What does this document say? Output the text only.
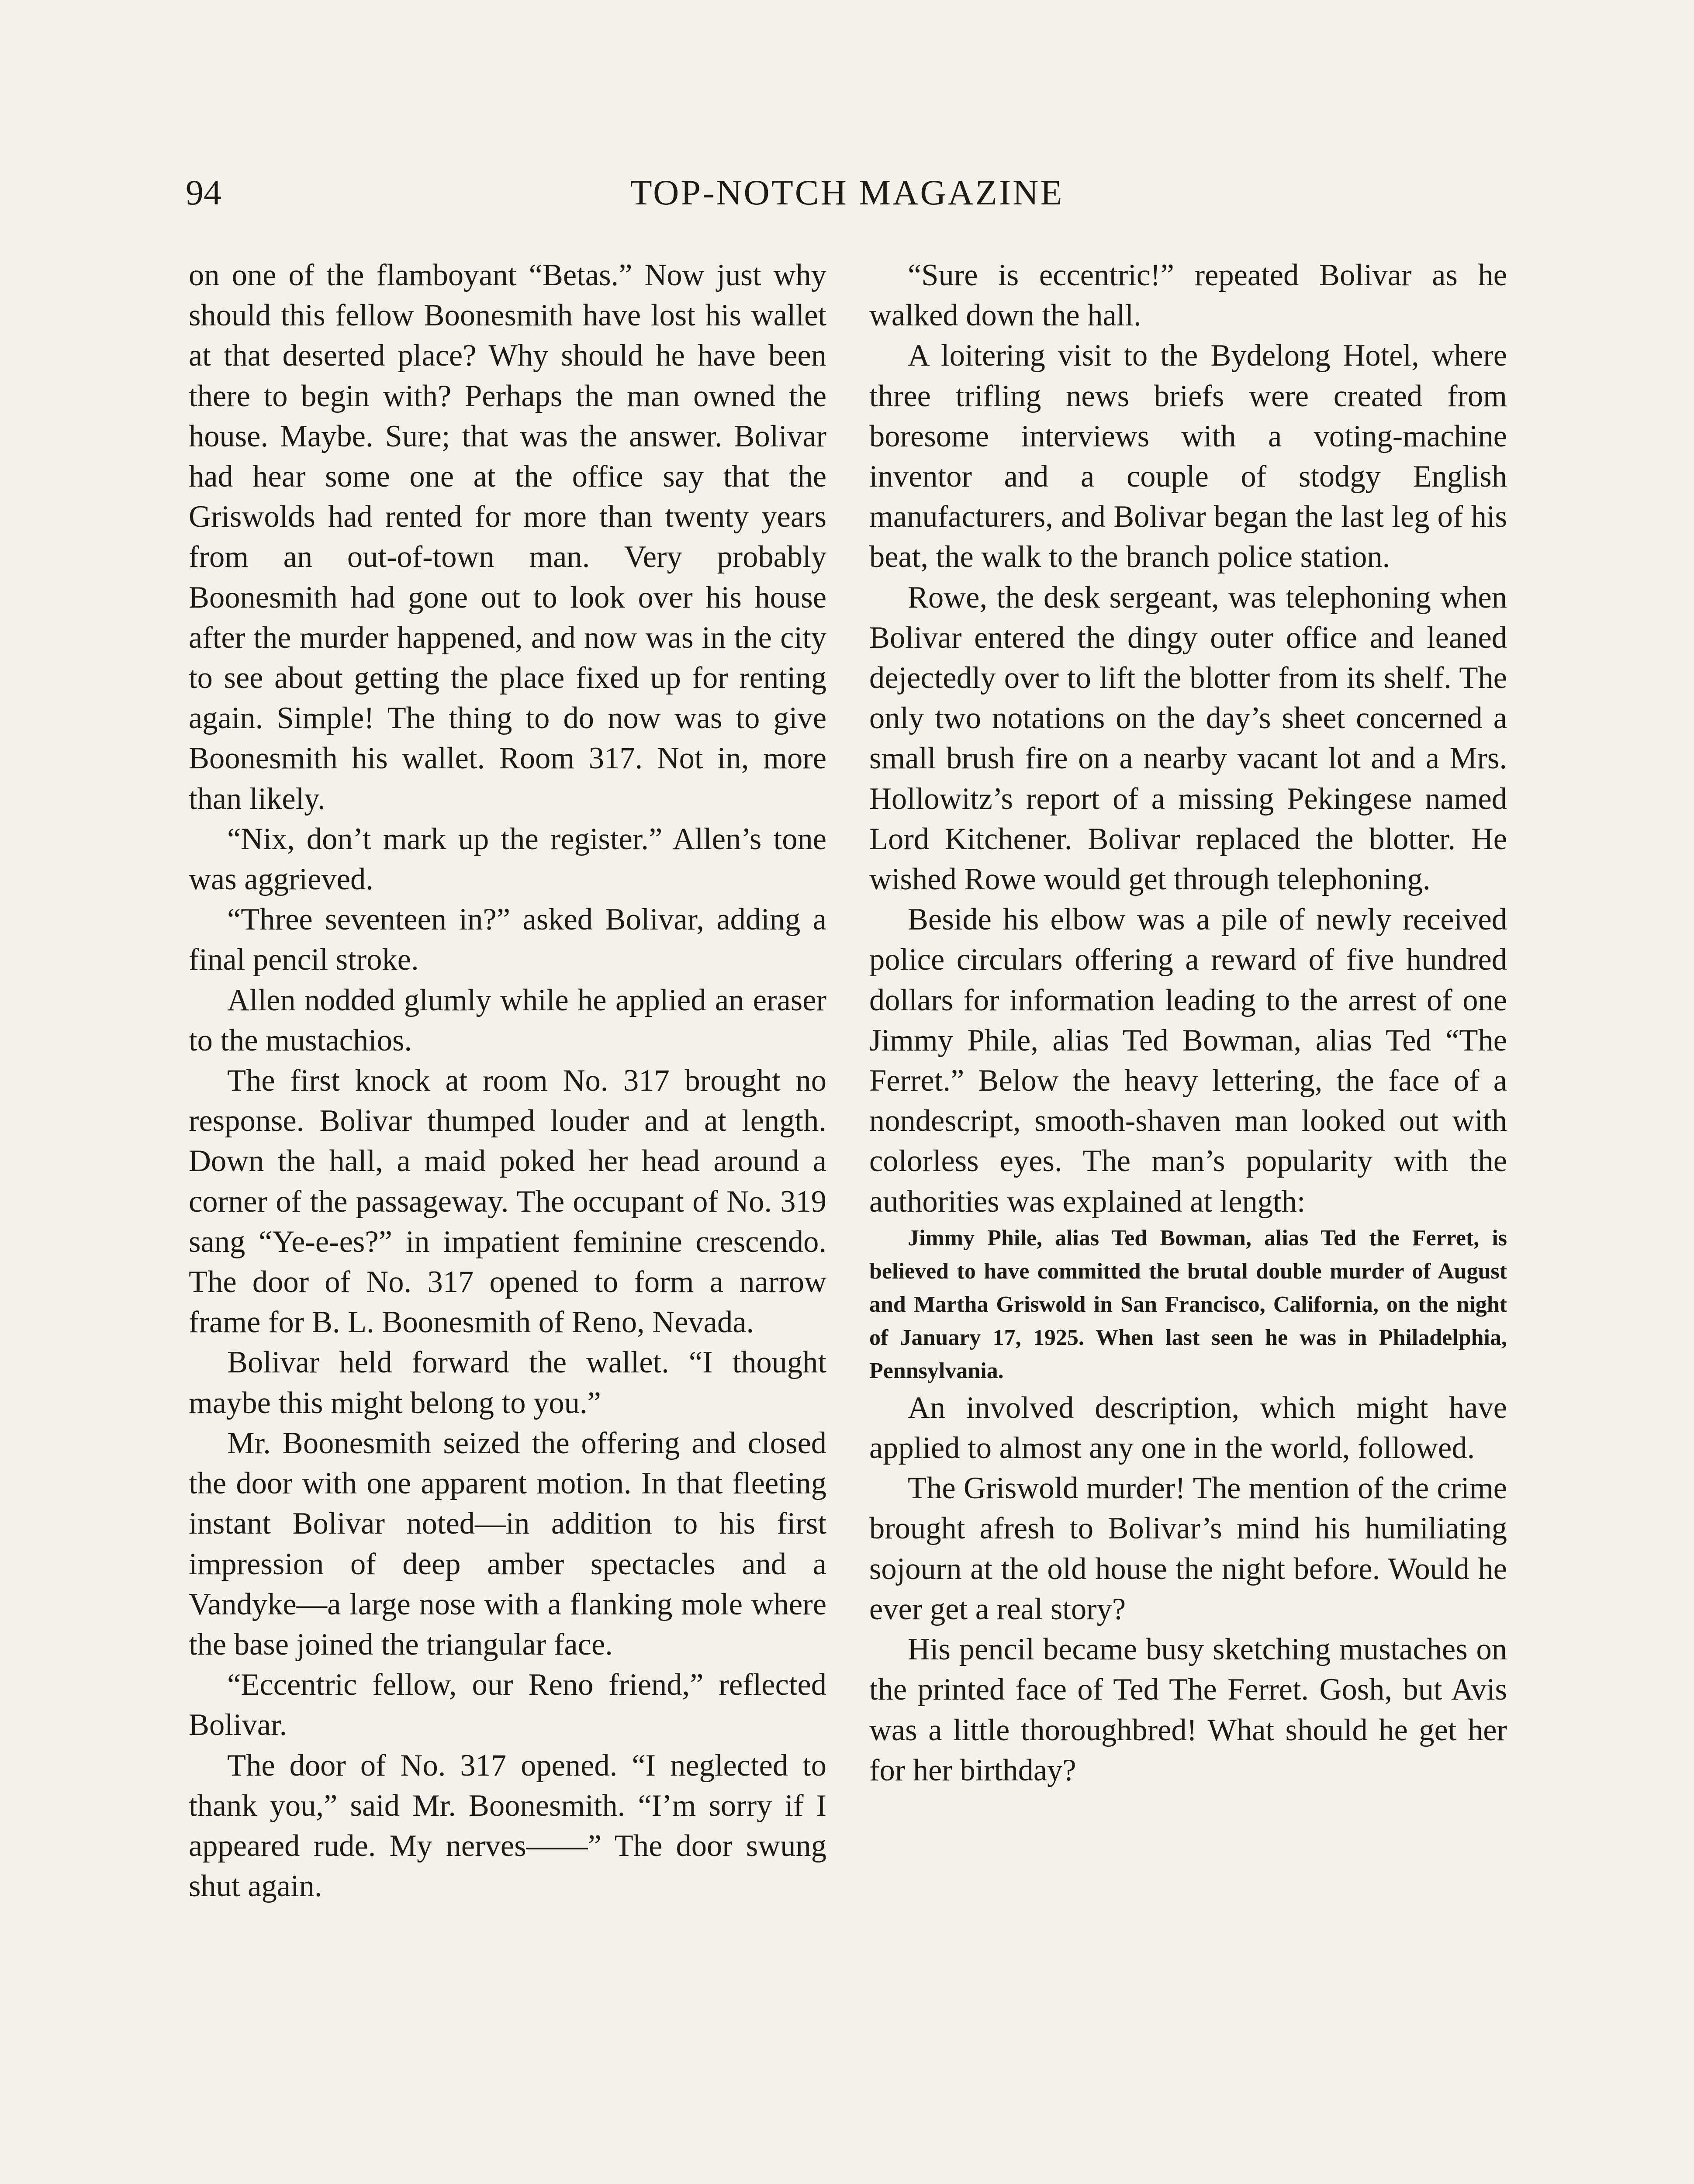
94	TOP-NOTCH MAGAZINE

on one of the flamboyant “Betas.” Now just why should this fellow Boonesmith have lost his wallet at that deserted place? Why should he have been there to begin with? Perhaps the man owned the house. Maybe. Sure; that was the answer. Bolivar had hear some one at the office say that the Griswolds had rented for more than twenty years from an out-of-town man. Very probably Boonesmith had gone out to look over his house after the murder happened, and now was in the city to see about getting the place fixed up for renting again. Simple! The thing to do now was to give Boonesmith his wallet. Room 317. Not in, more than likely.

“Nix, don’t mark up the register.” Allen’s tone was aggrieved.

“Three seventeen in?” asked Bolivar, adding a final pencil stroke.

Allen nodded glumly while he applied an eraser to the mustachios.

The first knock at room No. 317 brought no response. Bolivar thumped louder and at length. Down the hall, a maid poked her head around a corner of the passageway. The occupant of No. 319 sang “Ye-e-es?” in impatient feminine crescendo. The door of No. 317 opened to form a narrow frame for B. L. Boonesmith of Reno, Nevada.

Bolivar held forward the wallet. “I thought maybe this might belong to you.”

Mr. Boonesmith seized the offering and closed the door with one apparent motion. In that fleeting instant Bolivar noted—in addition to his first impression of deep amber spectacles and a Vandyke—a large nose with a flanking mole where the base joined the triangular face.

“Eccentric fellow, our Reno friend,” reflected Bolivar.

The door of No. 317 opened. “I neglected to thank you,” said Mr. Boonesmith. “I’m sorry if I appeared rude. My nerves——” The door swung shut again.

“Sure is eccentric!” repeated Bolivar as he walked down the hall.

A loitering visit to the Bydelong Hotel, where three trifling news briefs were created from boresome interviews with a voting-machine inventor and a couple of stodgy English manufacturers, and Bolivar began the last leg of his beat, the walk to the branch police station.

Rowe, the desk sergeant, was telephoning when Bolivar entered the dingy outer office and leaned dejectedly over to lift the blotter from its shelf. The only two notations on the day’s sheet concerned a small brush fire on a nearby vacant lot and a Mrs. Hollowitz’s report of a missing Pekingese named Lord Kitchener. Bolivar replaced the blotter. He wished Rowe would get through telephoning.

Beside his elbow was a pile of newly received police circulars offering a reward of five hundred dollars for information leading to the arrest of one Jimmy Phile, alias Ted Bowman, alias Ted “The Ferret.” Below the heavy lettering, the face of a nondescript, smooth-shaven man looked out with colorless eyes. The man’s popularity with the authorities was explained at length:

Jimmy Phile, alias Ted Bowman, alias Ted the Ferret, is believed to have committed the brutal double murder of August and Martha Griswold in San Francisco, California, on the night of January 17, 1925. When last seen he was in Philadelphia, Pennsylvania.

An involved description, which might have applied to almost any one in the world, followed.

The Griswold murder! The mention of the crime brought afresh to Bolivar’s mind his humiliating sojourn at the old house the night before. Would he ever get a real story?

His pencil became busy sketching mustaches on the printed face of Ted The Ferret. Gosh, but Avis was a little thoroughbred! What should he get her for her birthday?
